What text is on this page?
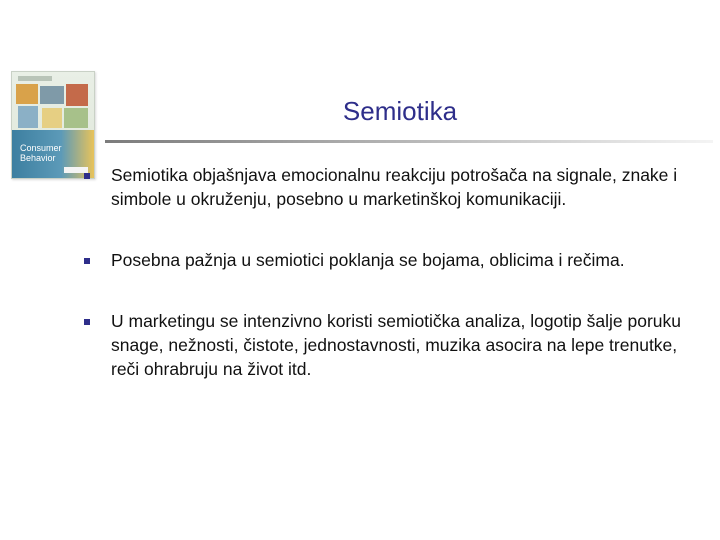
Consumer
Behavior
Semiotika
Semiotika objašnjava emocionalnu reakciju potrošača na signale, znake i simbole u okruženju, posebno u marketinškoj komunikaciji.
Posebna pažnja u semiotici poklanja se bojama, oblicima i rečima.
U marketingu se intenzivno koristi semiotička analiza, logotip šalje poruku snage, nežnosti, čistote, jednostavnosti, muzika asocira na lepe trenutke, reči ohrabruju na život itd.
